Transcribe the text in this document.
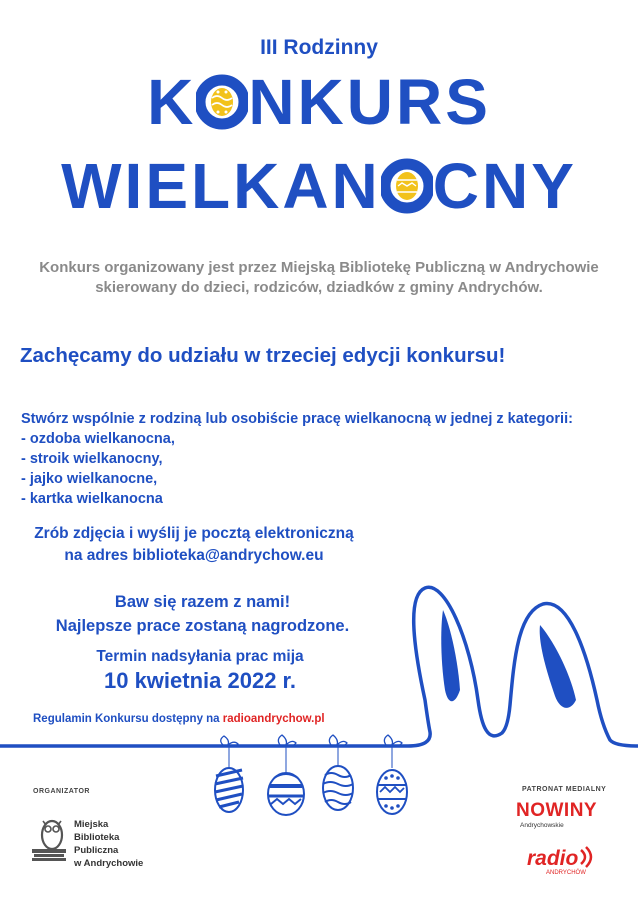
III Rodzinny
K NKURS
WIELKAN CNY
Konkurs organizowany jest przez Miejską Bibliotekę Publiczną w Andrychowie
skierowany do dzieci, rodziców, dziadków z gminy Andrychów.
Zachęcamy do udziału w trzeciej edycji konkursu!
Stwórz wspólnie z rodziną lub osobiście pracę wielkanocną w jednej z kategorii:
- ozdoba wielkanocna,
- stroik wielkanocny,
- jajko wielkanocne,
- kartka wielkanocna
Zrób zdjęcia i wyślij je pocztą elektroniczną
na adres biblioteka@andrychow.eu
Baw się razem z nami!
Najlepsze prace zostaną nagrodzone.
Termin nadsyłania prac mija
10 kwietnia 2022 r.
Regulamin Konkursu dostępny na radioandrychow.pl
ORGANIZATOR
Miejska
Biblioteka
Publiczna
w Andrychowie
PATRONAT MEDIALNY
NOWINY
Andrychowskie
radio
ANDRYCHÓW
